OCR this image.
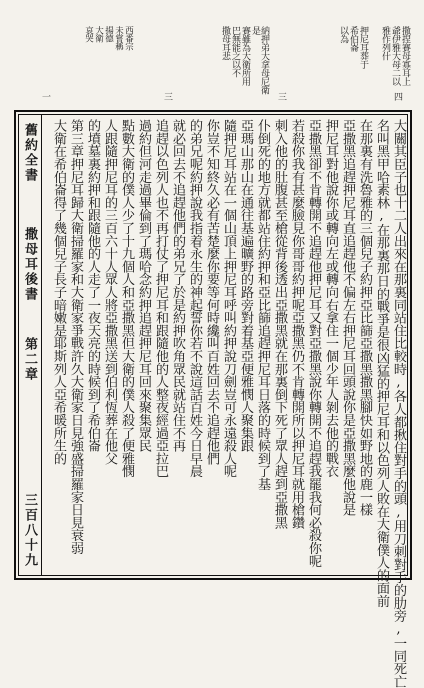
撒捏賽母寡耳上
爺伊雅大母二以
雅作列什
押尼耳葬于
希伯崙
以為
納押弟大拿母尼衛是
賽雖為大衛所用
巴無能之以不
撒母耳悲
西番宗
未嘗稱
揚德
大衛
哀哭
四
三
三
一
舊約全書
撒母耳後書
第二章
三百八十九	大關其臣子也十二人出來在那裏同站住比較時,各人都揪住對手的頭,用刀刺對手的肋旁,一同死亡
名叫黑甲哈素林,在那裏那日的戰爭是很凶猛的押尼耳和以色列人敗在大衛僕人的面前
在那裏有洗魯雅的三個兒子約押亞比篩亞撒黑撒黑腳快如野地的鹿一樣
亞撒黑追趕押尼耳直追趕他不偏左右押尼耳回頭說你是亞撒黑麼他說是
押尼耳對他說你或轉向左或轉向右拿住一個少年人剝去他的戰衣
亞撒黑卻不肯轉開不追趕他押尼耳又對亞撒黑說你轉開不追趕我罷我何必殺你呢
若殺你我有甚麼臉見你哥哥約押呢亞撒黑仍不肯轉開所以押尼耳就用槍鑽
刺入他的肚腹甚至槍從背後透出亞撒黑就在那裏倒下死了眾人趕到亞撒黑
仆倒死的地方就都站住約押和亞比篩追趕押尼耳日落的時候到了基
亞瑪山那山在通往基遍曠野的路旁對着基亞便雅憫人聚集跟
隨押尼耳站在一個山頂上押尼耳呼叫約押說刀劍豈可永遠殺人呢
你豈不知終久必有苦楚麼你要等何時纔叫百姓回去不追趕他們
的弟兄呢約押說我指着永生的神起誓你若不說這話百姓今日早晨
就必回去不追趕他們的弟兄了於是約押吹角眾民就站住不再
追趕以色列人也不再打仗了押尼耳和跟隨他的人整夜經過亞拉巴
過約但河走過畢倫到了瑪哈念約押追趕押尼耳回來聚集眾民
點數大衛的僕人少了十九個人和亞撒黑但大衛的僕人殺了便雅憫
人跟隨押尼耳的三百六十人眾人將亞撒黑送到伯利恆葬在他父
的墳墓裏約押和跟隨他的人走了一夜天亮的時候到了希伯崙
第三章押尼耳歸大衛掃羅家和大衛家爭戰許久大衛家日見強盛掃羅家日見衰弱
大衛在希伯崙得了幾個兒子長子暗嫩是耶斯列人亞希暖所生的
